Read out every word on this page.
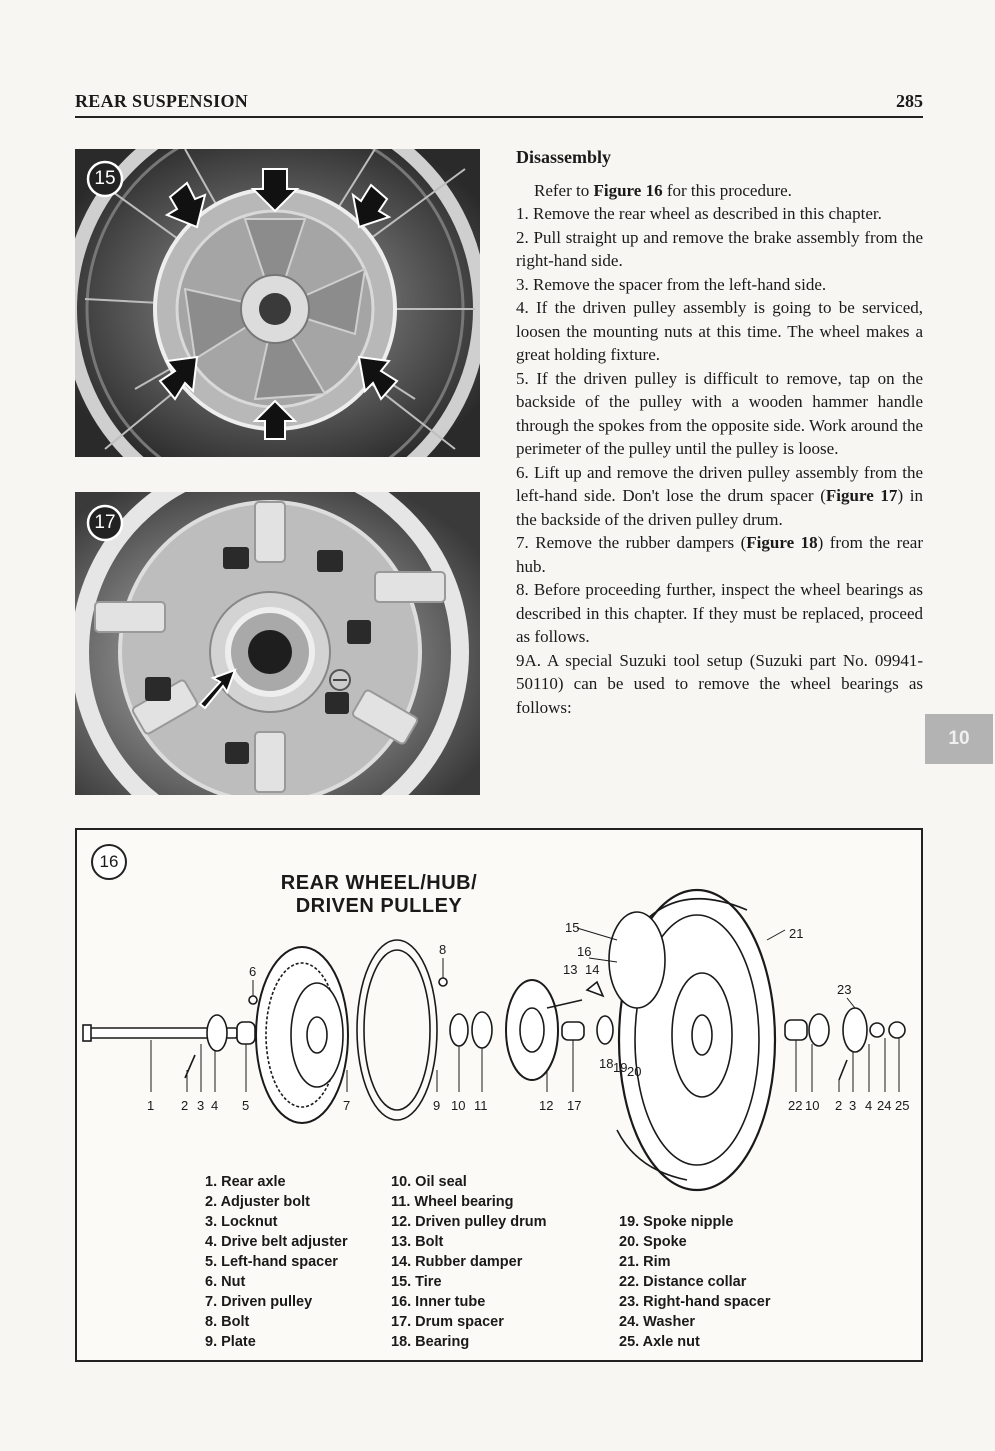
REAR SUSPENSION	285
15
17
Disassembly

Refer to Figure 16 for this procedure.

1. Remove the rear wheel as described in this chapter.

2. Pull straight up and remove the brake assembly from the right-hand side.

3. Remove the spacer from the left-hand side.

4. If the driven pulley assembly is going to be serviced, loosen the mounting nuts at this time. The wheel makes a great holding fixture.

5. If the driven pulley is difficult to remove, tap on the backside of the pulley with a wooden hammer handle through the spokes from the opposite side. Work around the perimeter of the pulley until the pulley is loose.

6. Lift up and remove the driven pulley assembly from the left-hand side. Don't lose the drum spacer (Figure 17) in the backside of the driven pulley drum.

7. Remove the rubber dampers (Figure 18) from the rear hub.

8. Before proceeding further, inspect the wheel bearings as described in this chapter. If they must be replaced, proceed as follows.

9A. A special Suzuki tool setup (Suzuki part No. 09941-50110) can be used to remove the wheel bearings as follows:

10
1 2 3 4 5
6
7
8
9 10 11	12
13 14
15
16
17
18 19 20
21
22 10 2 3 4 24 25
23
16
REAR WHEEL/HUB/
DRIVEN PULLEY
1. Rear axle
2. Adjuster bolt
3. Locknut
4. Drive belt adjuster
5. Left-hand spacer
6. Nut
7. Driven pulley
8. Bolt
9. Plate
10. Oil seal
11. Wheel bearing
12. Driven pulley drum
13. Bolt
14. Rubber damper
15. Tire
16. Inner tube
17. Drum spacer
18. Bearing
19. Spoke nipple
20. Spoke
21. Rim
22. Distance collar
23. Right-hand spacer
24. Washer
25. Axle nut
